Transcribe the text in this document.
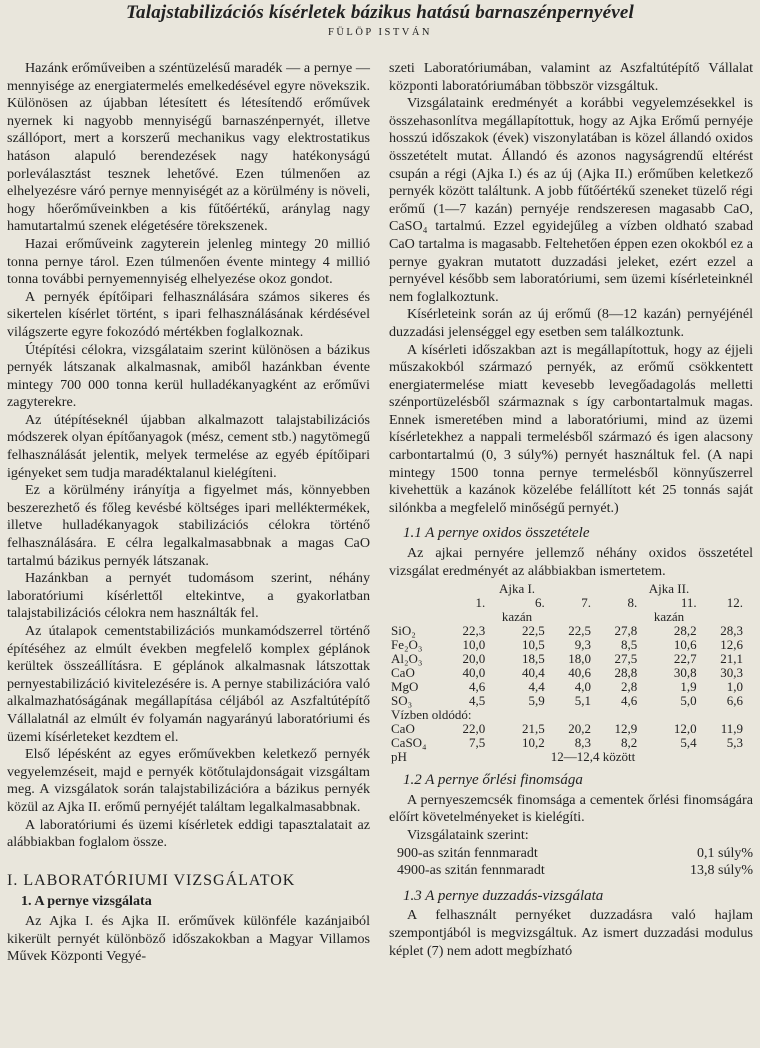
Talajstabilizációs kísérletek bázikus hatású barnaszénpernyével
FÜLÖP ISTVÁN

Hazánk erőműveiben a széntüzelésű maradék — a pernye — mennyisége az energiatermelés emelkedésével egyre növekszik. Különösen az újabban létesített és létesítendő erőművek nyernek ki nagyobb mennyiségű barnaszénpernyét, illetve szállóport, mert a korszerű mechanikus vagy elektrostatikus hatáson alapuló berendezések nagy hatékonyságú porleválasztást tesznek lehetővé. Ezen túlmenően az elhelyezésre váró pernye mennyiségét az a körülmény is növeli, hogy hőerőműveinkben a kis fűtőértékű, aránylag nagy hamutartalmú szenek elégetésére törekszenek.

Hazai erőműveink zagyterein jelenleg mintegy 20 millió tonna pernye tárol. Ezen túlmenően évente mintegy 4 millió tonna további pernyemennyiség elhelyezése okoz gondot.

A pernyék építőipari felhasználására számos sikeres és sikertelen kísérlet történt, s ipari felhasználásának kérdésével világszerte egyre fokozódó mértékben foglalkoznak.

Útépítési célokra, vizsgálataim szerint különösen a bázikus pernyék látszanak alkalmasnak, amiből hazánkban évente mintegy 700 000 tonna kerül hulladékanyagként az erőművi zagyterekre.

Az útépítéseknél újabban alkalmazott talajstabilizációs módszerek olyan építőanyagok (mész, cement stb.) nagytömegű felhasználását jelentik, melyek termelése az egyéb építőipari igényeket sem tudja maradéktalanul kielégíteni.

Ez a körülmény irányítja a figyelmet más, könnyebben beszerezhető és főleg kevésbé költséges ipari melléktermékek, illetve hulladékanyagok stabilizációs célokra történő felhasználására. E célra legalkalmasabbnak a magas CaO tartalmú bázikus pernyék látszanak.

Hazánkban a pernyét tudomásom szerint, néhány laboratóriumi kísérlettől eltekintve, a gyakorlatban talajstabilizációs célokra nem használták fel.

Az útalapok cementstabilizációs munkamódszerrel történő építéséhez az elmúlt években megfelelő komplex géplánok kerültek összeállításra. E géplánok alkalmasnak látszottak pernyestabilizáció kivitelezésére is. A pernye stabilizációra való alkalmazhatóságának megállapítása céljából az Aszfaltútépítő Vállalatnál az elmúlt év folyamán nagyarányú laboratóriumi és üzemi kísérleteket kezdtem el.

Első lépésként az egyes erőművekben keletkező pernyék vegyelemzéseit, majd e pernyék kötőtulajdonságait vizsgáltam meg. A vizsgálatok során talajstabilizációra a bázikus pernyék közül az Ajka II. erőmű pernyéjét találtam legalkalmasabbnak.

A laboratóriumi és üzemi kísérletek eddigi tapasztalatait az alábbiakban foglalom össze.

I. LABORATÓRIUMI VIZSGÁLATOK

1. A pernye vizsgálata

Az Ajka I. és Ajka II. erőművek különféle kazánjaiból kikerült pernyét különböző időszakokban a Magyar Villamos Művek Központi Vegyé-

szeti Laboratóriumában, valamint az Aszfaltútépítő Vállalat központi laboratóriumában többször vizsgáltuk.

Vizsgálataink eredményét a korábbi vegyelemzésekkel is összehasonlítva megállapítottuk, hogy az Ajka Erőmű pernyéje hosszú időszakok (évek) viszonylatában is közel állandó oxidos összetételt mutat. Állandó és azonos nagyságrendű eltérést csupán a régi (Ajka I.) és az új (Ajka II.) erőműben keletkező pernyék között találtunk. A jobb fűtőértékű szeneket tüzelő régi erőmű (1—7 kazán) pernyéje rendszeresen magasabb CaO, CaSO₄ tartalmú. Ezzel egyidejűleg a vízben oldható szabad CaO tartalma is magasabb. Feltehetően éppen ezen okokból ez a pernye gyakran mutatott duzzadási jeleket, ezért ezzel a pernyével később sem laboratóriumi, sem üzemi kísérleteinknél nem foglalkoztunk.

Kísérleteink során az új erőmű (8—12 kazán) pernyéjénél duzzadási jelenséggel egy esetben sem találkoztunk.

A kísérleti időszakban azt is megállapítottuk, hogy az éjjeli műszakokból származó pernyék, az erőmű csökkentett energiatermelése miatt kevesebb levegőadagolás melletti szénportüzelésből származnak s így carbontartalmuk magas. Ennek ismeretében mind a laboratóriumi, mind az üzemi kísérletekhez a nappali termelésből származó és igen alacsony carbontartalmú (0, 3 súly%) pernyét használtuk fel. (A napi mintegy 1500 tonna pernye termelésből könnyűszerrel kivehettük a kazánok közelébe felállított két 25 tonnás saját silónkba a megfelelő minőségű pernyét.)

1.1 A pernye oxidos összetétele

Az ajkai pernyére jellemző néhány oxidos összetétel vizsgálat eredményét az alábbiakban ismertetem.

	Ajka I.			Ajka II.		
	1.	6.	7.	8.	11.	12.
		kazán			kazán	
SiO₂	22,3	22,5	22,5	27,8	28,2	28,3
Fe₂O₃	10,0	10,5	9,3	8,5	10,6	12,6
Al₂O₃	20,0	18,5	18,0	27,5	22,7	21,1
CaO	40,0	40,4	40,6	28,8	30,8	30,3
MgO	4,6	4,4	4,0	2,8	1,9	1,0
SO₃	4,5	5,9	5,1	4,6	5,0	6,6
Vízben oldódó:						
CaO	22,0	21,5	20,2	12,9	12,0	11,9
CaSO₄	7,5	10,2	8,3	8,2	5,4	5,3
pH		12—12,4 között				

1.2 A pernye őrlési finomsága

A pernyeszemcsék finomsága a cementek őrlési finomságára előírt követelményeket is kielégíti.

Vizsgálataink szerint:

900-as szitán fennmaradt	0,1 súly%
4900-as szitán fennmaradt	13,8 súly%

1.3 A pernye duzzadás-vizsgálata

A felhasznált pernyéket duzzadásra való hajlam szempontjából is megvizsgáltuk. Az ismert duzzadási modulus képlet (7) nem adott megbízható
